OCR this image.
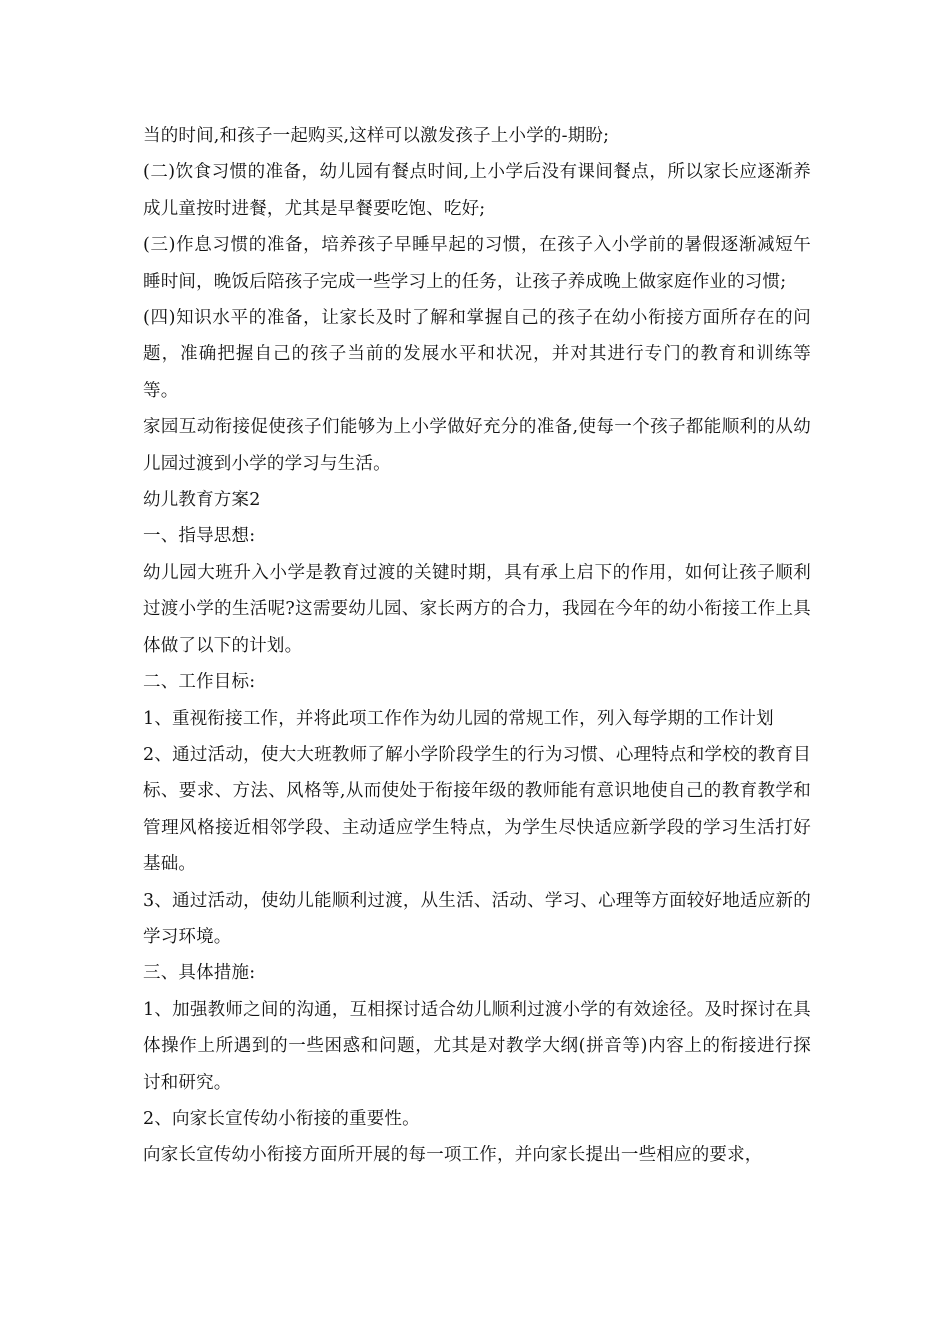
当的时间,和孩子一起购买,这样可以激发孩子上小学的-期盼;

(二)饮食习惯的准备，幼儿园有餐点时间,上小学后没有课间餐点，所以家长应逐渐养成儿童按时进餐，尤其是早餐要吃饱、吃好;

(三)作息习惯的准备，培养孩子早睡早起的习惯，在孩子入小学前的暑假逐渐减短午睡时间，晚饭后陪孩子完成一些学习上的任务，让孩子养成晚上做家庭作业的习惯;

(四)知识水平的准备，让家长及时了解和掌握自己的孩子在幼小衔接方面所存在的问题，准确把握自己的孩子当前的发展水平和状况，并对其进行专门的教育和训练等等。

家园互动衔接促使孩子们能够为上小学做好充分的准备,使每一个孩子都能顺利的从幼儿园过渡到小学的学习与生活。

幼儿教育方案2

一、指导思想:

幼儿园大班升入小学是教育过渡的关键时期，具有承上启下的作用，如何让孩子顺利过渡小学的生活呢?这需要幼儿园、家长两方的合力，我园在今年的幼小衔接工作上具体做了以下的计划。

二、工作目标:

1、重视衔接工作，并将此项工作作为幼儿园的常规工作，列入每学期的工作计划

2、通过活动，使大大班教师了解小学阶段学生的行为习惯、心理特点和学校的教育目标、要求、方法、风格等,从而使处于衔接年级的教师能有意识地使自己的教育教学和管理风格接近相邻学段、主动适应学生特点，为学生尽快适应新学段的学习生活打好基础。

3、通过活动，使幼儿能顺利过渡，从生活、活动、学习、心理等方面较好地适应新的学习环境。

三、具体措施:

1、加强教师之间的沟通，互相探讨适合幼儿顺利过渡小学的有效途径。及时探讨在具体操作上所遇到的一些困惑和问题，尤其是对教学大纲(拼音等)内容上的衔接进行探讨和研究。

2、向家长宣传幼小衔接的重要性。

向家长宣传幼小衔接方面所开展的每一项工作，并向家长提出一些相应的要求，
